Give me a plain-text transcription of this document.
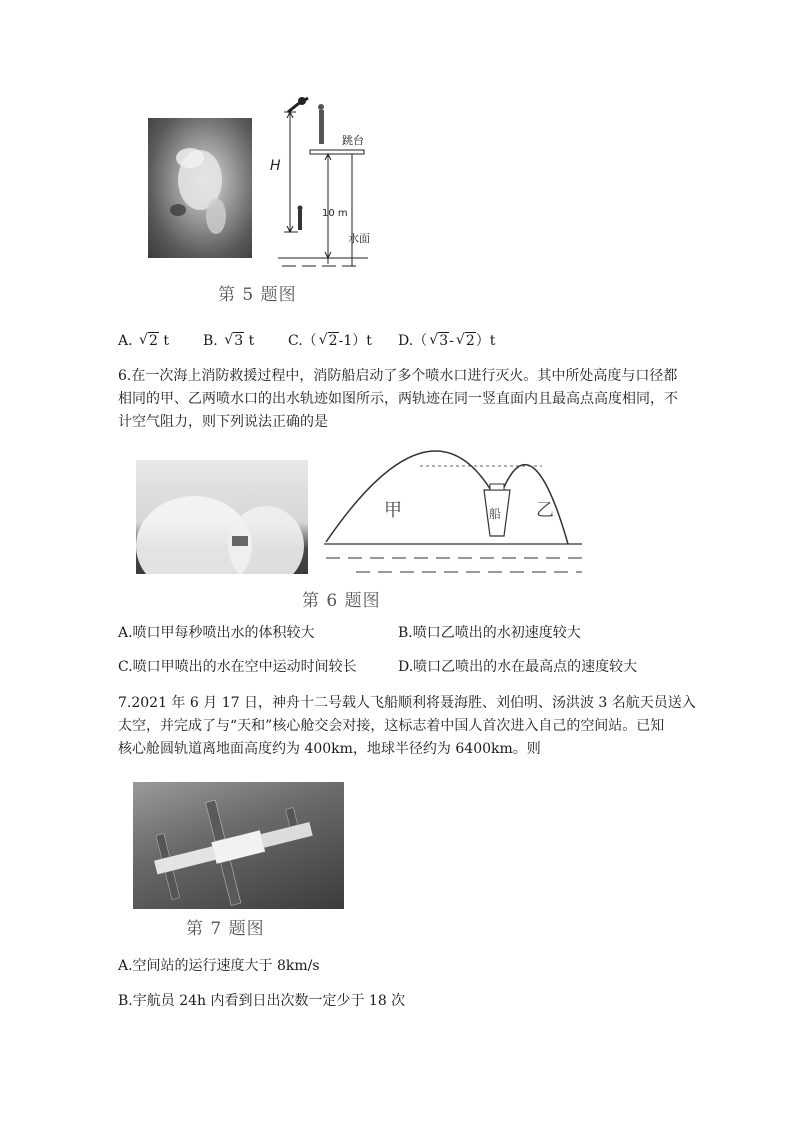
H
跳台
10 m
水面
第 5 题图
A. √ 2 t B. √ 3 t C.（ √ 2-1）t D.（ √ 3- √ 2）t
6.在一次海上消防救援过程中，消防船启动了多个喷水口进行灭火。其中所处高度与口径都
相同的甲、乙两喷水口的出水轨迹如图所示，两轨迹在同一竖直面内且最高点高度相同，不
计空气阻力，则下列说法正确的是
甲	船 乙
第 6 题图
A.喷口甲每秒喷出水的体积较大	B.喷口乙喷出的水初速度较大
C.喷口甲喷出的水在空中运动时间较长	D.喷口乙喷出的水在最高点的速度较大
7.2021 年 6 月 17 日，神舟十二号载人飞船顺利将聂海胜、刘伯明、汤洪波 3 名航天员送入
太空，并完成了与“天和”核心舱交会对接，这标志着中国人首次进入自己的空间站。已知
核心舱圆轨道离地面高度约为 400km，地球半径约为 6400km。则
第 7 题图
A.空间站的运行速度大于 8km/s
B.宇航员 24h 内看到日出次数一定少于 18 次
